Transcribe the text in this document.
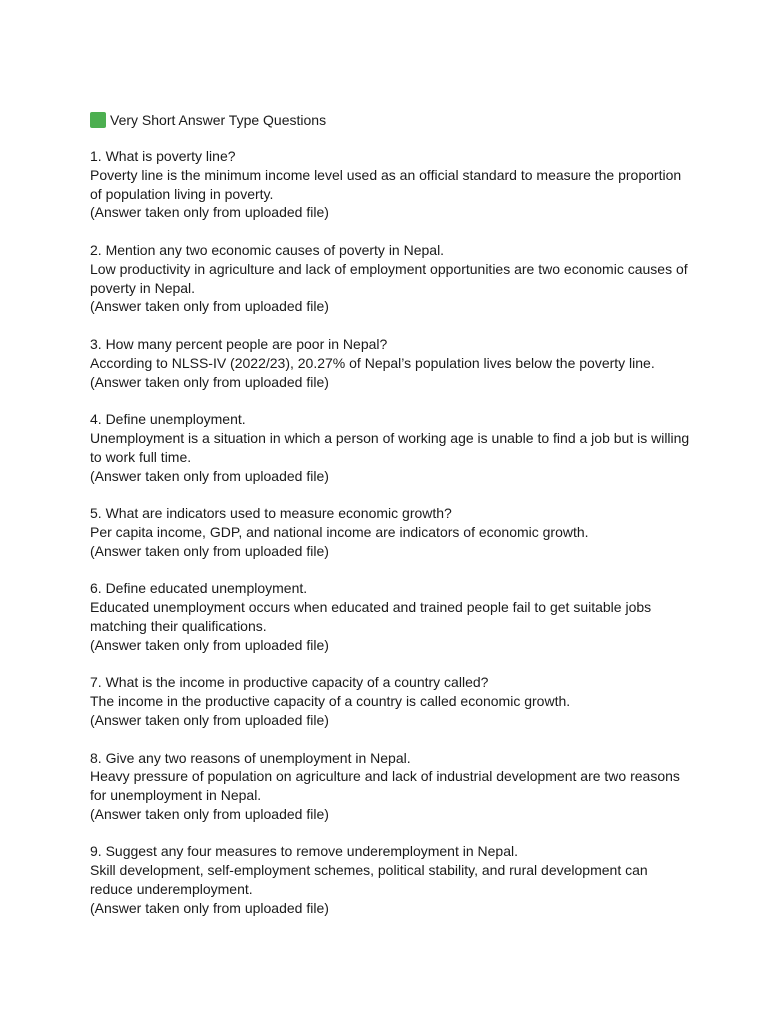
Very Short Answer Type Questions

1. What is poverty line?

Poverty line is the minimum income level used as an official standard to measure the proportion of population living in poverty.

(Answer taken only from uploaded file)

2. Mention any two economic causes of poverty in Nepal.

Low productivity in agriculture and lack of employment opportunities are two economic causes of poverty in Nepal.

(Answer taken only from uploaded file)

3. How many percent people are poor in Nepal?

According to NLSS-IV (2022/23), 20.27% of Nepal’s population lives below the poverty line.

(Answer taken only from uploaded file)

4. Define unemployment.

Unemployment is a situation in which a person of working age is unable to find a job but is willing to work full time.

(Answer taken only from uploaded file)

5. What are indicators used to measure economic growth?

Per capita income, GDP, and national income are indicators of economic growth.

(Answer taken only from uploaded file)

6. Define educated unemployment.

Educated unemployment occurs when educated and trained people fail to get suitable jobs matching their qualifications.

(Answer taken only from uploaded file)

7. What is the income in productive capacity of a country called?

The income in the productive capacity of a country is called economic growth.

(Answer taken only from uploaded file)

8. Give any two reasons of unemployment in Nepal.

Heavy pressure of population on agriculture and lack of industrial development are two reasons for unemployment in Nepal.

(Answer taken only from uploaded file)

9. Suggest any four measures to remove underemployment in Nepal.

Skill development, self-employment schemes, political stability, and rural development can reduce underemployment.

(Answer taken only from uploaded file)
